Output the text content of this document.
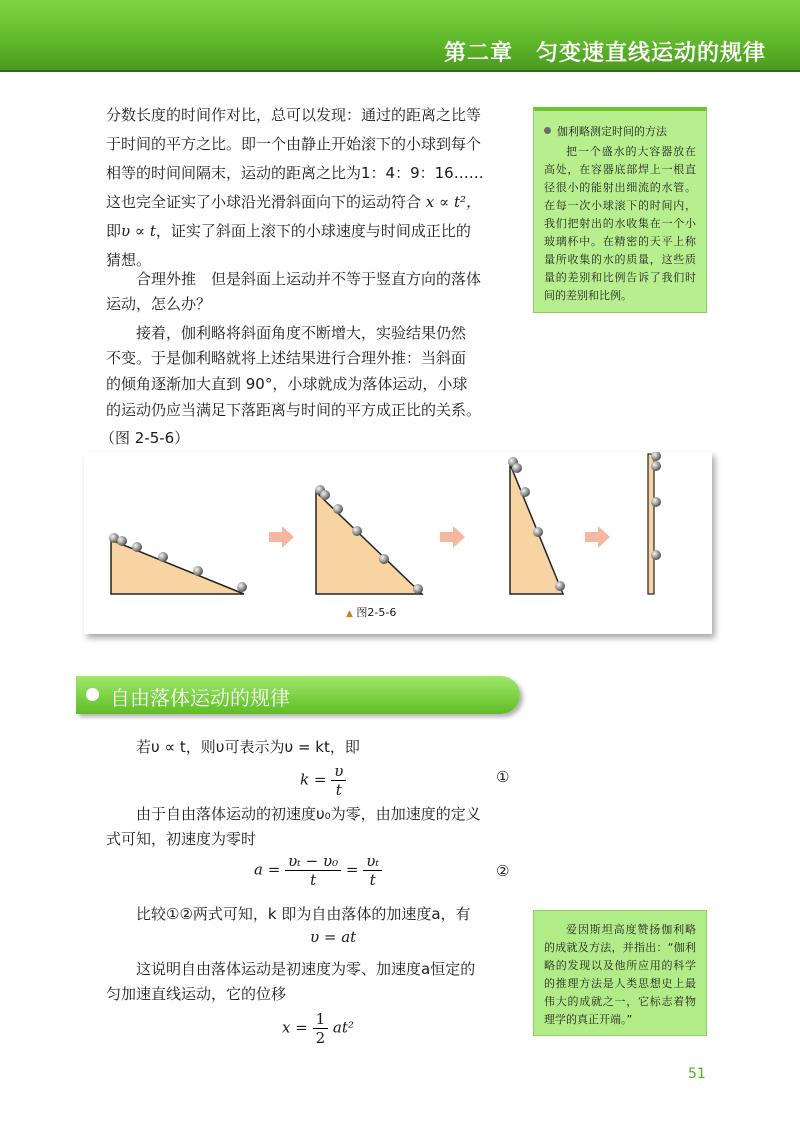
第二章　匀变速直线运动的规律
分数长度的时间作对比，总可以发现：通过的距离之比等
于时间的平方之比。即一个由静止开始滚下的小球到每个
相等的时间间隔末，运动的距离之比为1：4：9：16……
这也完全证实了小球沿光滑斜面向下的运动符合 x ∝ t²，
即υ ∝ t，证实了斜面上滚下的小球速度与时间成正比的
猜想。
合理外推　但是斜面上运动并不等于竖直方向的落体
运动，怎么办？
接着，伽利略将斜面角度不断增大，实验结果仍然
不变。于是伽利略就将上述结果进行合理外推：当斜面
的倾角逐渐加大直到 90°，小球就成为落体运动，小球
的运动仍应当满足下落距离与时间的平方成正比的关系。
（图 2-5-6）
伽利略测定时间的方法
把一个盛水的大容器放在高处，在容器底部焊上一根直径很小的能射出细流的水管。在每一次小球滚下的时间内，我们把射出的水收集在一个小玻璃杯中。在精密的天平上称量所收集的水的质量，这些质量的差别和比例告诉了我们时间的差别和比例。
▲ 图2-5-6
自由落体运动的规律
若υ ∝ t，则υ可表示为υ = kt，即
$k = \frac{\upsilon}{t}$	①
由于自由落体运动的初速度υ₀为零，由加速度的定义
式可知，初速度为零时
$a = \frac{\text{υₜ − υ₀}}{t} = \frac{\text{υₜ}}{t}$	②
比较①②两式可知，k 即为自由落体的加速度a，有
υ = at
这说明自由落体运动是初速度为零、加速度a恒定的
匀加速直线运动，它的位移
$x = \frac{1}{2} at^2$
爱因斯坦高度赞扬伽利略的成就及方法，并指出：“伽利略的发现以及他所应用的科学的推理方法是人类思想史上最伟大的成就之一，它标志着物理学的真正开端。”
51
